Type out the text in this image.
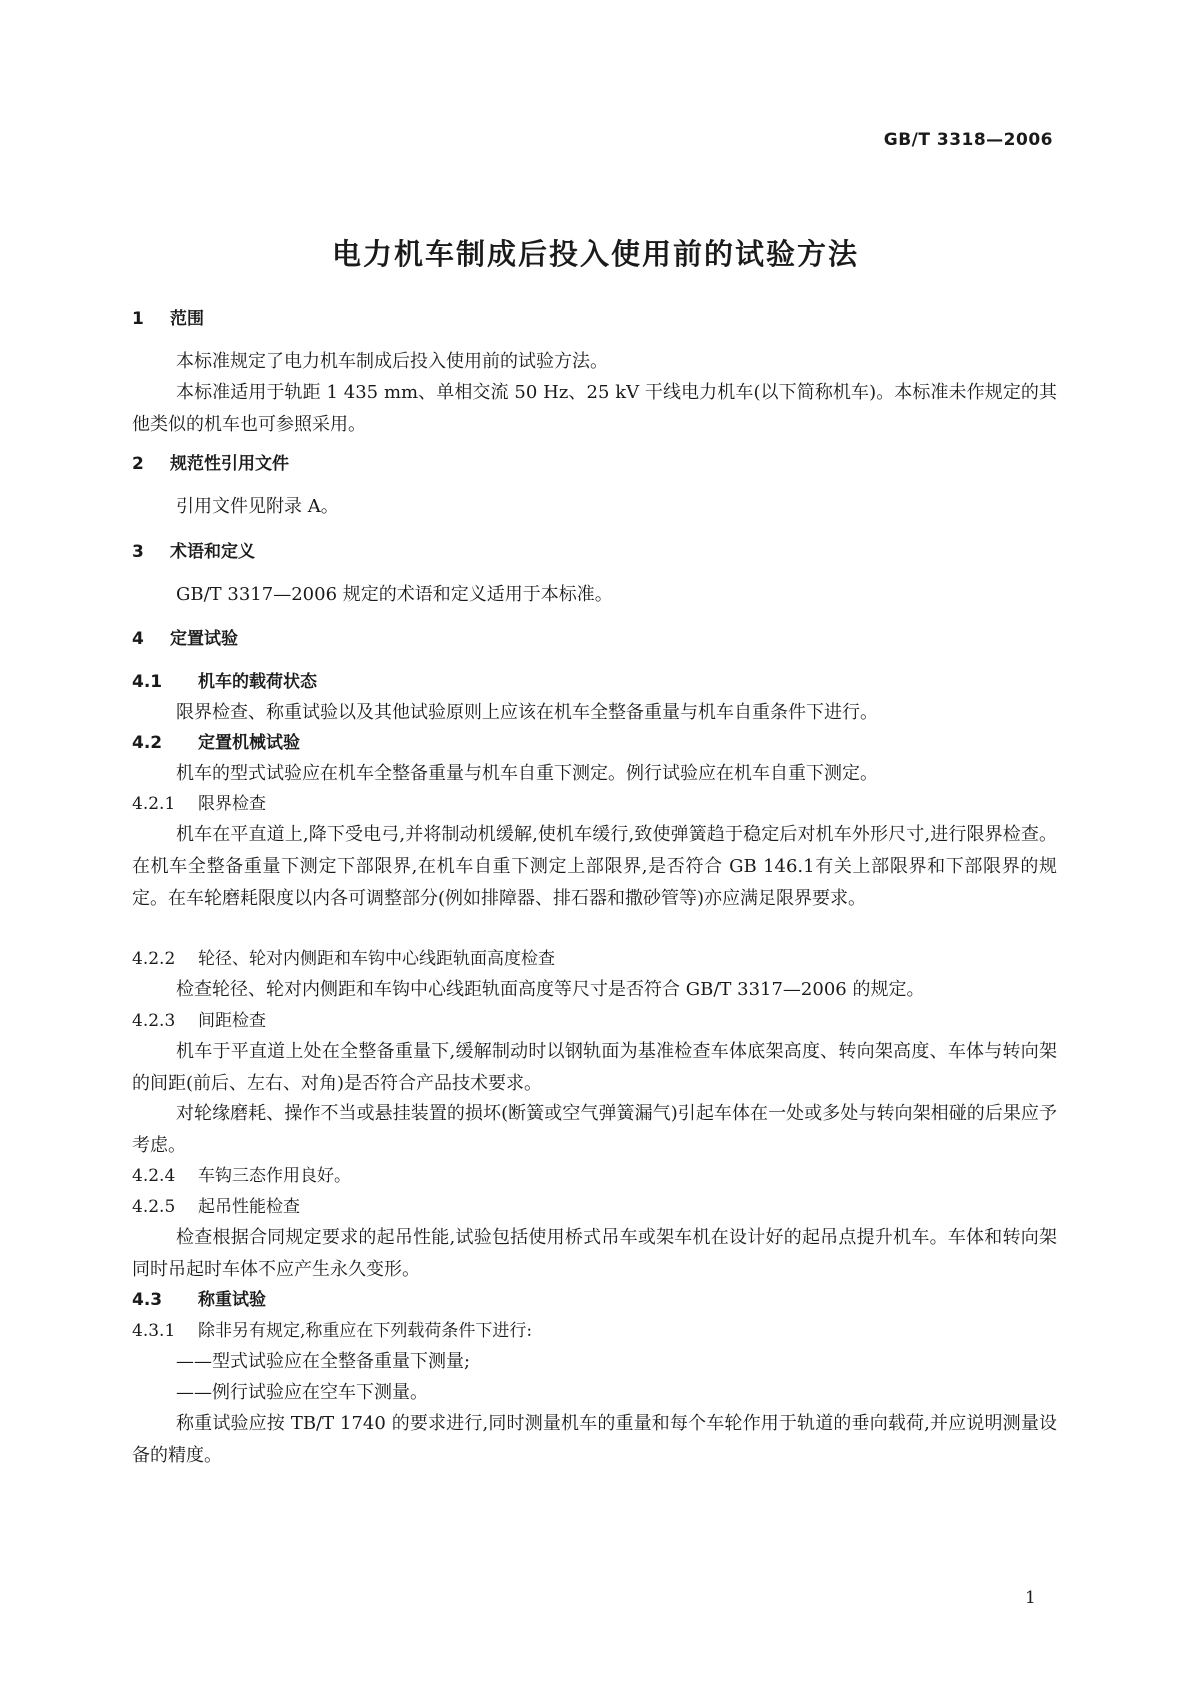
GB/T 3318—2006
电力机车制成后投入使用前的试验方法
1 范围
本标准规定了电力机车制成后投入使用前的试验方法。
本标准适用于轨距 1 435 mm、单相交流 50 Hz、25 kV 干线电力机车(以下简称机车)。本标准未作规定的其他类似的机车也可参照采用。
2 规范性引用文件
引用文件见附录 A。
3 术语和定义
GB/T 3317—2006 规定的术语和定义适用于本标准。
4 定置试验
4.1 机车的载荷状态
限界检查、称重试验以及其他试验原则上应该在机车全整备重量与机车自重条件下进行。
4.2 定置机械试验
机车的型式试验应在机车全整备重量与机车自重下测定。例行试验应在机车自重下测定。
4.2.1 限界检查
机车在平直道上,降下受电弓,并将制动机缓解,使机车缓行,致使弹簧趋于稳定后对机车外形尺寸,进行限界检查。在机车全整备重量下测定下部限界,在机车自重下测定上部限界,是否符合 GB 146.1有关上部限界和下部限界的规定。在车轮磨耗限度以内各可调整部分(例如排障器、排石器和撒砂管等)亦应满足限界要求。
4.2.2 轮径、轮对内侧距和车钩中心线距轨面高度检查
检查轮径、轮对内侧距和车钩中心线距轨面高度等尺寸是否符合 GB/T 3317—2006 的规定。
4.2.3 间距检查
机车于平直道上处在全整备重量下,缓解制动时以钢轨面为基准检查车体底架高度、转向架高度、车体与转向架的间距(前后、左右、对角)是否符合产品技术要求。
对轮缘磨耗、操作不当或悬挂装置的损坏(断簧或空气弹簧漏气)引起车体在一处或多处与转向架相碰的后果应予考虑。
4.2.4 车钩三态作用良好。
4.2.5 起吊性能检查
检查根据合同规定要求的起吊性能,试验包括使用桥式吊车或架车机在设计好的起吊点提升机车。车体和转向架同时吊起时车体不应产生永久变形。
4.3 称重试验
4.3.1 除非另有规定,称重应在下列载荷条件下进行:
——型式试验应在全整备重量下测量;
——例行试验应在空车下测量。
称重试验应按 TB/T 1740 的要求进行,同时测量机车的重量和每个车轮作用于轨道的垂向载荷,并应说明测量设备的精度。
1
